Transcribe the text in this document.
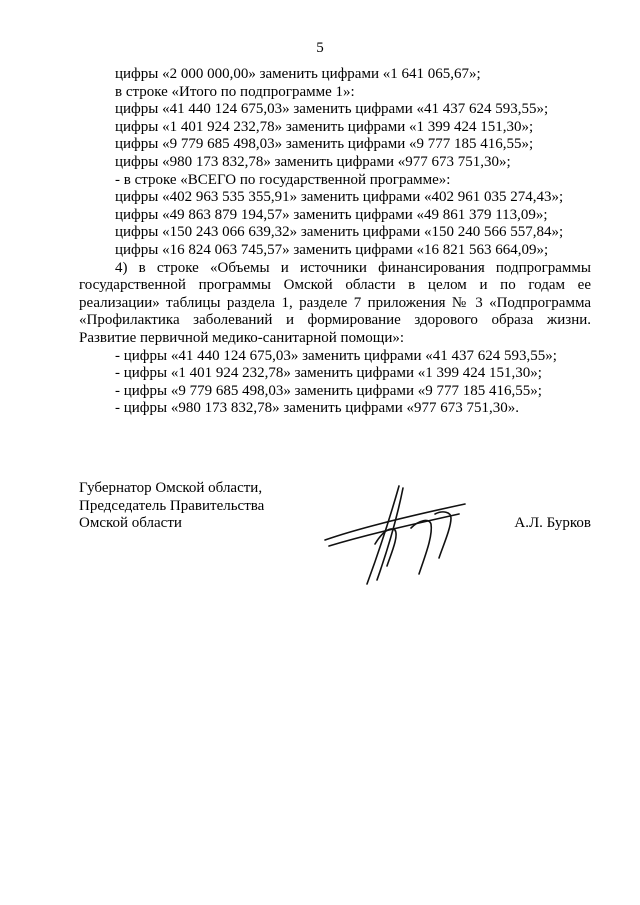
5
цифры «2 000 000,00» заменить цифрами «1 641 065,67»;
в строке «Итого по подпрограмме 1»:
цифры «41 440 124 675,03» заменить цифрами «41 437 624 593,55»;
цифры «1 401 924 232,78» заменить цифрами «1 399 424 151,30»;
цифры «9 779 685 498,03» заменить цифрами «9 777 185 416,55»;
цифры «980 173 832,78» заменить цифрами «977 673 751,30»;
- в строке «ВСЕГО по государственной программе»:
цифры «402 963 535 355,91» заменить цифрами «402 961 035 274,43»;
цифры «49 863 879 194,57» заменить цифрами «49 861 379 113,09»;
цифры «150 243 066 639,32» заменить цифрами «150 240 566 557,84»;
цифры «16 824 063 745,57» заменить цифрами «16 821 563 664,09»;
4) в строке «Объемы и источники финансирования подпрограммы государственной программы Омской области в целом и по годам ее реализации» таблицы раздела 1, разделе 7 приложения № 3 «Подпрограмма «Профилактика заболеваний и формирование здорового образа жизни. Развитие первичной медико-санитарной помощи»:
- цифры «41 440 124 675,03» заменить цифрами «41 437 624 593,55»;
- цифры «1 401 924 232,78» заменить цифрами «1 399 424 151,30»;
- цифры «9 779 685 498,03» заменить цифрами «9 777 185 416,55»;
- цифры «980 173 832,78» заменить цифрами «977 673 751,30».
Губернатор Омской области,
Председатель Правительства
Омской области	А.Л. Бурков
